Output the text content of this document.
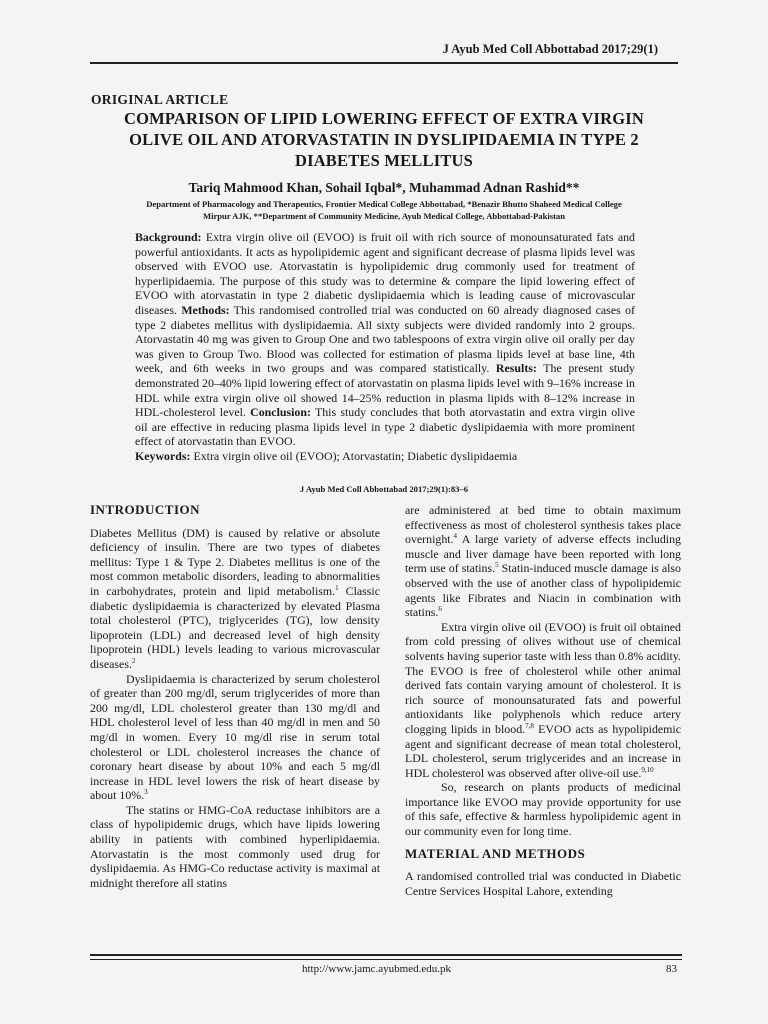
J Ayub Med Coll Abbottabad 2017;29(1)
ORIGINAL ARTICLE
COMPARISON OF LIPID LOWERING EFFECT OF EXTRA VIRGIN OLIVE OIL AND ATORVASTATIN IN DYSLIPIDAEMIA IN TYPE 2 DIABETES MELLITUS
Tariq Mahmood Khan, Sohail Iqbal*, Muhammad Adnan Rashid**
Department of Pharmacology and Therapeutics, Frontier Medical College Abbottabad, *Benazir Bhutto Shaheed Medical College
Mirpur AJK, **Department of Community Medicine, Ayub Medical College, Abbottabad-Pakistan

Background: Extra virgin olive oil (EVOO) is fruit oil with rich source of monounsaturated fats and powerful antioxidants. It acts as hypolipidemic agent and significant decrease of plasma lipids level was observed with EVOO use. Atorvastatin is hypolipidemic drug commonly used for treatment of hyperlipidaemia. The purpose of this study was to determine & compare the lipid lowering effect of EVOO with atorvastatin in type 2 diabetic dyslipidaemia which is leading cause of microvascular diseases. Methods: This randomised controlled trial was conducted on 60 already diagnosed cases of type 2 diabetes mellitus with dyslipidaemia. All sixty subjects were divided randomly into 2 groups. Atorvastatin 40 mg was given to Group One and two tablespoons of extra virgin olive oil orally per day was given to Group Two. Blood was collected for estimation of plasma lipids level at base line, 4th week, and 6th weeks in two groups and was compared statistically. Results: The present study demonstrated 20–40% lipid lowering effect of atorvastatin on plasma lipids level with 9–16% increase in HDL while extra virgin olive oil showed 14–25% reduction in plasma lipids with 8–12% increase in HDL-cholesterol level. Conclusion: This study concludes that both atorvastatin and extra virgin olive oil are effective in reducing plasma lipids level in type 2 diabetic dyslipidaemia with more prominent effect of atorvastatin than EVOO.

Keywords: Extra virgin olive oil (EVOO); Atorvastatin; Diabetic dyslipidaemia

J Ayub Med Coll Abbottabad 2017;29(1):83–6
INTRODUCTION

Diabetes Mellitus (DM) is caused by relative or absolute deficiency of insulin. There are two types of diabetes mellitus: Type 1 & Type 2. Diabetes mellitus is one of the most common metabolic disorders, leading to abnormalities in carbohydrates, protein and lipid metabolism.$^1$ Classic diabetic dyslipidaemia is characterized by elevated Plasma total cholesterol (PTC), triglycerides (TG), low density lipoprotein (LDL) and decreased level of high density lipoprotein (HDL) levels leading to various microvascular diseases.$^2$

Dyslipidaemia is characterized by serum cholesterol of greater than 200 mg/dl, serum triglycerides of more than 200 mg/dl, LDL cholesterol greater than 130 mg/dl and HDL cholesterol level of less than 40 mg/dl in men and 50 mg/dl in women. Every 10 mg/dl rise in serum total cholesterol or LDL cholesterol increases the chance of coronary heart disease by about 10% and each 5 mg/dl increase in HDL level lowers the risk of heart disease by about 10%.$^3$

The statins or HMG-CoA reductase inhibitors are a class of hypolipidemic drugs, which have lipids lowering ability in patients with combined hyperlipidaemia. Atorvastatin is the most commonly used drug for dyslipidaemia. As HMG-Co reductase activity is maximal at midnight therefore all statins

are administered at bed time to obtain maximum effectiveness as most of cholesterol synthesis takes place overnight.$^4$ A large variety of adverse effects including muscle and liver damage have been reported with long term use of statins.$^5$ Statin-induced muscle damage is also observed with the use of another class of hypolipidemic agents like Fibrates and Niacin in combination with statins.$^6$

Extra virgin olive oil (EVOO) is fruit oil obtained from cold pressing of olives without use of chemical solvents having superior taste with less than 0.8% acidity. The EVOO is free of cholesterol while other animal derived fats contain varying amount of cholesterol. It is rich source of monounsaturated fats and powerful antioxidants like polyphenols which reduce artery clogging lipids in blood.$^{7,8}$ EVOO acts as hypolipidemic agent and significant decrease of mean total cholesterol, LDL cholesterol, serum triglycerides and an increase in HDL cholesterol was observed after olive-oil use.$^{9,10}$

So, research on plants products of medicinal importance like EVOO may provide opportunity for use of this safe, effective & harmless hypolipidemic agent in our community even for long time.

MATERIAL AND METHODS

A randomised controlled trial was conducted in Diabetic Centre Services Hospital Lahore, extending

http://www.jamc.ayubmed.edu.pk	83
